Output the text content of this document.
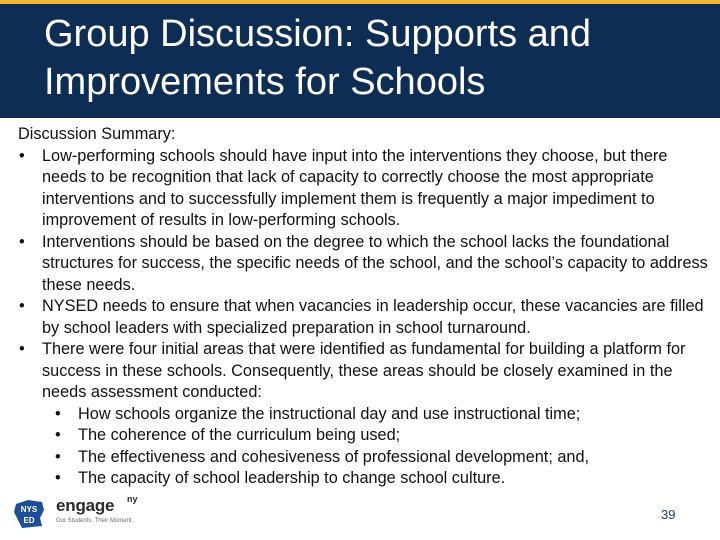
Group Discussion: Supports and
Improvements for Schools
Discussion Summary:
• Low-performing schools should have input into the interventions they choose, but there needs to be recognition that lack of capacity to correctly choose the most appropriate interventions and to successfully implement them is frequently a major impediment to improvement of results in low-performing schools.
• Interventions should be based on the degree to which the school lacks the foundational structures for success, the specific needs of the school, and the school’s capacity to address these needs.
• NYSED needs to ensure that when vacancies in leadership occur, these vacancies are filled by school leaders with specialized preparation in school turnaround.
• There were four initial areas that were identified as fundamental for building a platform for success in these schools. Consequently, these areas should be closely examined in the needs assessment conducted:
• How schools organize the instructional day and use instructional time;
• The coherence of the curriculum being used;
• The effectiveness and cohesiveness of professional development; and,
• The capacity of school leadership to change school culture.
NYS
ED
engage ny
Our Students. Their Moment.	39
